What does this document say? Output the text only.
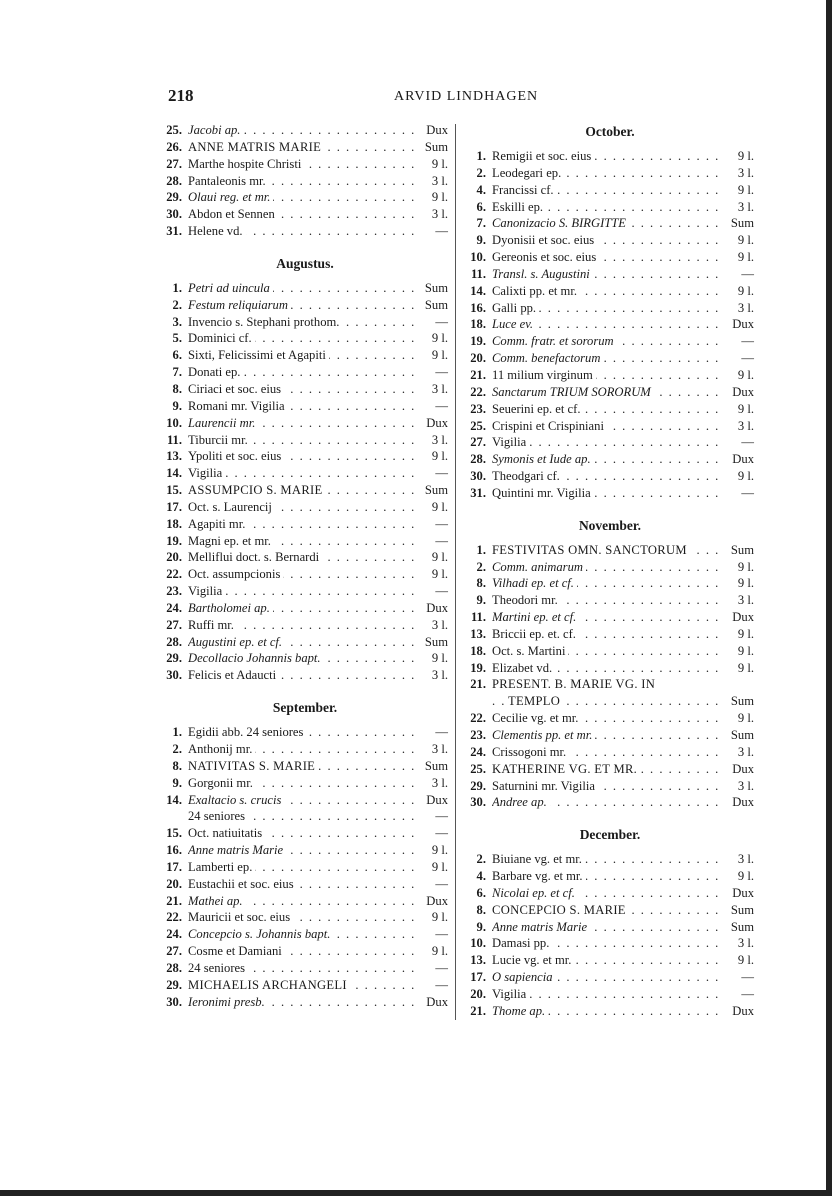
218	ARVID LINDHAGEN
25. Jacobi ap. . . .	Dux
26. ANNE MATRIS MARIE . . .	Sum
27. Marthe hospite Christi . . .	9 l.
28. Pantaleonis mr. . . .	3 l.
29. Olaui reg. et mr. . . .	9 l.
30. Abdon et Sennen . . .	3 l.
31. Helene vd. . . .	—
Augustus.
1. Petri ad uincula . . .	Sum
2. Festum reliquiarum . . .	Sum
3. Invencio s. Stephani prothom. . . .	—
5. Dominici cf. . . .	9 l.
6. Sixti, Felicissimi et Agapiti . . .	9 l.
7. Donati ep. . . .	—
8. Ciriaci et soc. eius . . .	3 l.
9. Romani mr. Vigilia . . .	—
10. Laurencii mr. . . .	Dux
11. Tiburcii mr. . . .	3 l.
13. Ypoliti et soc. eius . . .	9 l.
14. Vigilia . . .	—
15. ASSUMPCIO S. MARIE . . .	Sum
17. Oct. s. Laurencij . . .	9 l.
18. Agapiti mr. . . .	—
19. Magni ep. et mr. . . .	—
20. Melliflui doct. s. Bernardi . . .	9 l.
22. Oct. assumpcionis . . .	9 l.
23. Vigilia . . .	—
24. Bartholomei ap. . . .	Dux
27. Ruffi mr. . . .	3 l.
28. Augustini ep. et cf. . . .	Sum
29. Decollacio Johannis bapt. . . .	9 l.
30. Felicis et Adaucti . . .	3 l.
September.
1. Egidii abb. 24 seniores . . .	—
2. Anthonij mr. . . .	3 l.
8. NATIVITAS S. MARIE . . .	Sum
9. Gorgonii mr. . . .	3 l.
14. Exaltacio s. crucis . . .	Dux
24 seniores . . .	—
15. Oct. natiuitatis . . .	—
16. Anne matris Marie . . .	9 l.
17. Lamberti ep. . . .	9 l.
20. Eustachii et soc. eius . . .	—
21. Mathei ap. . . .	Dux
22. Mauricii et soc. eius . . .	9 l.
24. Concepcio s. Johannis bapt. . . .	—
27. Cosme et Damiani . . .	9 l.
28. 24 seniores . . .	—
29. MICHAELIS ARCHANGELI . . .	—
30. Ieronimi presb. . . .	Dux
October.
1. Remigii et soc. eius . . .	9 l.
2. Leodegari ep. . . .	3 l.
4. Francissi cf. . . .	9 l.
6. Eskilli ep. . . .	3 l.
7. Canonizacio S. BIRGITTE . . .	Sum
9. Dyonisii et soc. eius . . .	9 l.
10. Gereonis et soc. eius . . .	9 l.
11. Transl. s. Augustini . . .	—
14. Calixti pp. et mr. . . .	9 l.
16. Galli pp. . . .	3 l.
18. Luce ev. . . .	Dux
19. Comm. fratr. et sororum . . .	—
20. Comm. benefactorum . . .	—
21. 11 milium virginum . . .	9 l.
22. Sanctarum TRIUM SORORUM . . .	Dux
23. Seuerini ep. et cf. . . .	9 l.
25. Crispini et Crispiniani . . .	3 l.
27. Vigilia . . .	—
28. Symonis et Iude ap. . . .	Dux
30. Theodgari cf. . . .	9 l.
31. Quintini mr. Vigilia . . .	—
November.
1. FESTIVITAS OMN. SANCTORUM . . .	Sum
2. Comm. animarum . . .	9 l.
8. Vilhadi ep. et cf. . . .	9 l.
9. Theodori mr. . . .	3 l.
11. Martini ep. et cf. . . .	Dux
13. Briccii ep. et. cf. . . .	9 l.
18. Oct. s. Martini . . .	9 l.
19. Elizabet vd. . . .	9 l.
21. PRESENT. B. MARIE VG. IN
TEMPLO . . .	Sum
22. Cecilie vg. et mr. . . .	9 l.
23. Clementis pp. et mr. . . .	Sum
24. Crissogoni mr. . . .	3 l.
25. KATHERINE VG. ET MR. . . .	Dux
29. Saturnini mr. Vigilia . . .	3 l.
30. Andree ap. . . .	Dux
December.
2. Biuiane vg. et mr. . . .	3 l.
4. Barbare vg. et mr. . . .	9 l.
6. Nicolai ep. et cf. . . .	Dux
8. CONCEPCIO S. MARIE . . .	Sum
9. Anne matris Marie . . .	Sum
10. Damasi pp. . . .	3 l.
13. Lucie vg. et mr. . . .	9 l.
17. O sapiencia . . .	—
20. Vigilia . . .	—
21. Thome ap. . . .	Dux
